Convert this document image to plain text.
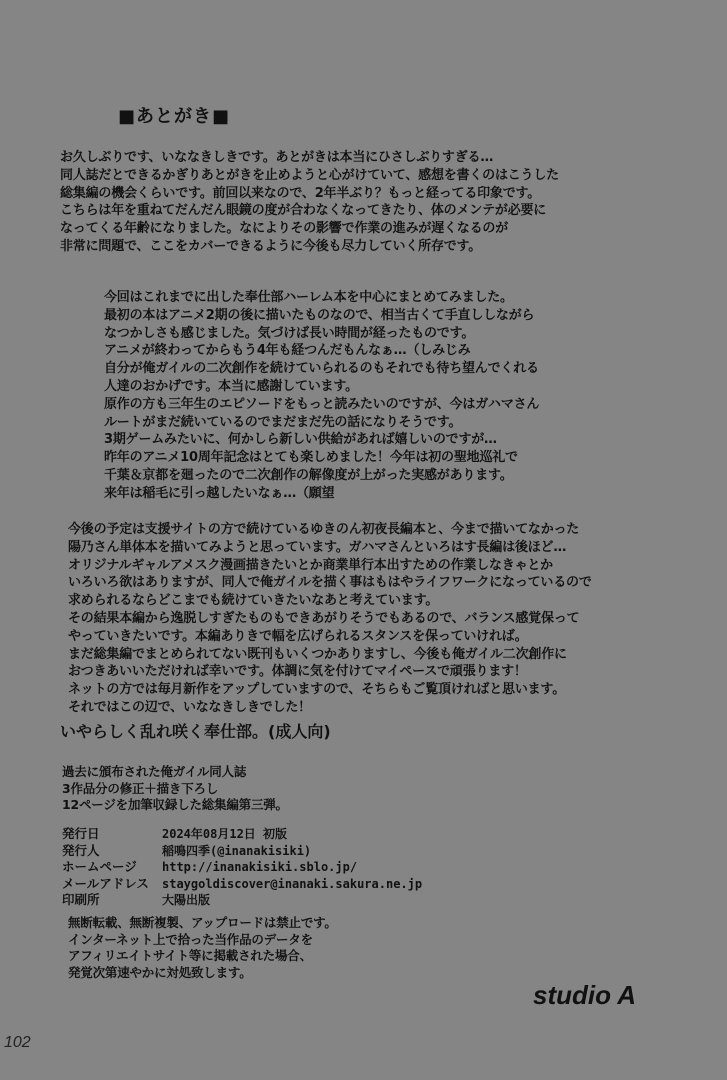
■あとがき■

お久しぶりです、いななきしきです。あとがきは本当にひさしぶりすぎる…

同人誌だとできるかぎりあとがきを止めようと心がけていて、感想を書くのはこうした

総集編の機会くらいです。前回以来なので、2年半ぶり？もっと経ってる印象です。

こちらは年を重ねてだんだん眼鏡の度が合わなくなってきたり、体のメンテが必要に

なってくる年齢になりました。なによりその影響で作業の進みが遅くなるのが

非常に問題で、ここをカバーできるように今後も尽力していく所存です。

今回はこれまでに出した奉仕部ハーレム本を中心にまとめてみました。

最初の本はアニメ2期の後に描いたものなので、相当古くて手直ししながら

なつかしさも感じました。気づけば長い時間が経ったものです。

アニメが終わってからもう4年も経つんだもんなぁ…（しみじみ

自分が俺ガイルの二次創作を続けていられるのもそれでも待ち望んでくれる

人達のおかげです。本当に感謝しています。

原作の方も三年生のエピソードをもっと読みたいのですが、今はガハマさん

ルートがまだ続いているのでまだまだ先の話になりそうです。

3期ゲームみたいに、何かしら新しい供給があれば嬉しいのですが…

昨年のアニメ10周年記念はとても楽しめました！今年は初の聖地巡礼で

千葉＆京都を廻ったので二次創作の解像度が上がった実感があります。

来年は稲毛に引っ越したいなぁ…（願望

今後の予定は支援サイトの方で続けているゆきのん初夜長編本と、今まで描いてなかった

陽乃さん単体本を描いてみようと思っています。ガハマさんといろはす長編は後ほど…

オリジナルギャルアメスク漫画描きたいとか商業単行本出すための作業しなきゃとか

いろいろ欲はありますが、同人で俺ガイルを描く事はもはやライフワークになっているので

求められるならどこまでも続けていきたいなあと考えています。

その結果本編から逸脱しすぎたものもできあがりそうでもあるので、バランス感覚保って

やっていきたいです。本編ありきで幅を広げられるスタンスを保っていければ。

まだ総集編でまとめられてない既刊もいくつかありますし、今後も俺ガイル二次創作に

おつきあいいただければ幸いです。体調に気を付けてマイペースで頑張ります！

ネットの方では毎月新作をアップしていますので、そちらもご覧頂ければと思います。

それではこの辺で、いななきしきでした！

いやらしく乱れ咲く奉仕部。(成人向)

過去に頒布された俺ガイル同人誌

3作品分の修正＋描き下ろし

12ページを加筆収録した総集編第三弾。

発行日	2024年08月12日 初版
発行人	稲鳴四季(@inanakisiki)
ホームページ	http://inanakisiki.sblo.jp/
メールアドレス	staygoldiscover@inanaki.sakura.ne.jp
印刷所	大陽出版

無断転載、無断複製、アップロードは禁止です。

インターネット上で拾った当作品のデータを

アフィリエイトサイト等に掲載された場合、

発覚次第速やかに対処致します。

studio A
102
